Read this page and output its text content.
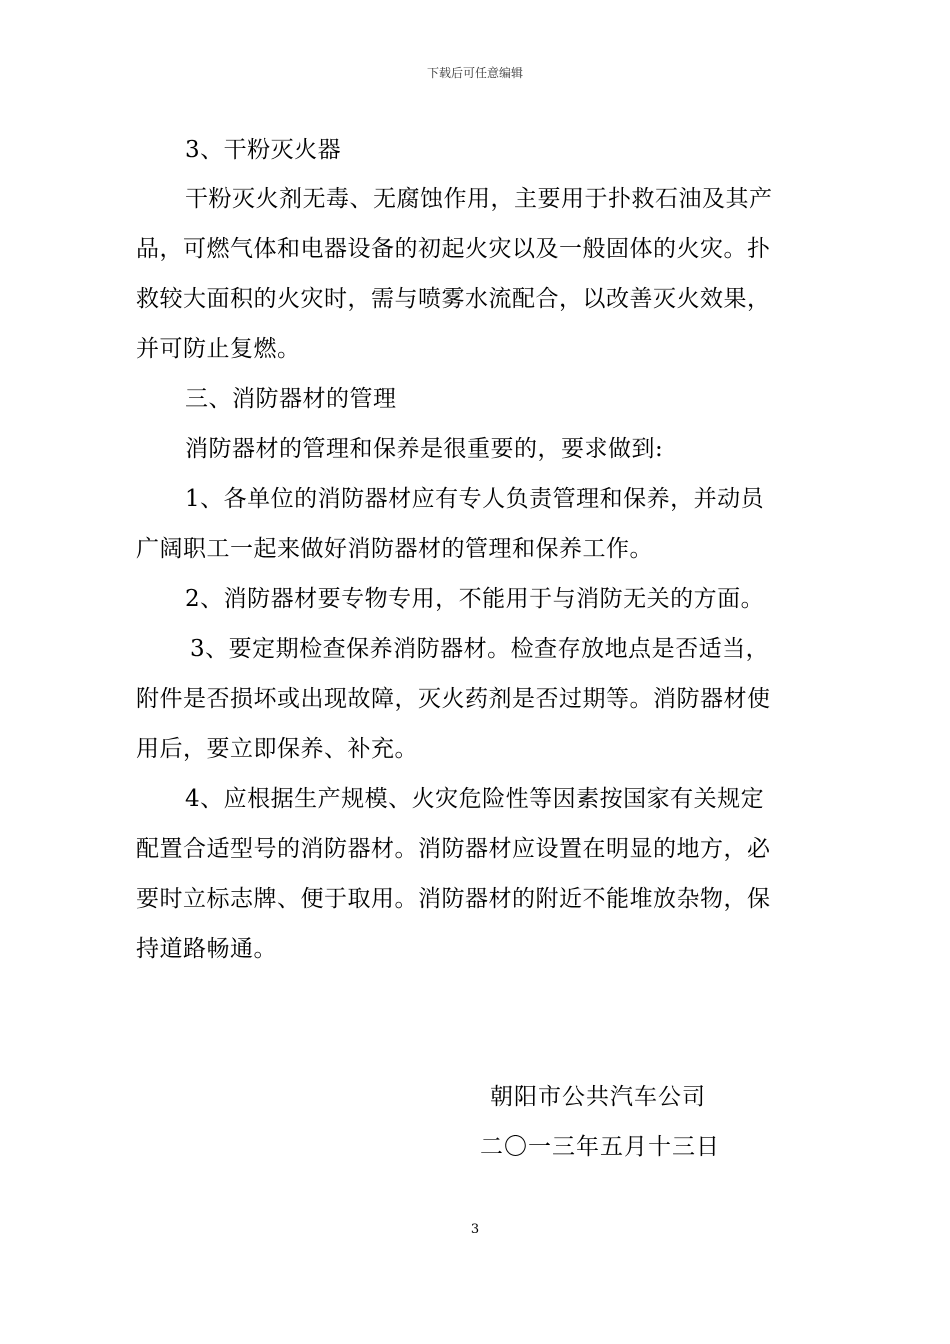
下载后可任意编辑
3、干粉灭火器
干粉灭火剂无毒、无腐蚀作用，主要用于扑救石油及其产
品，可燃气体和电器设备的初起火灾以及一般固体的火灾。扑
救较大面积的火灾时，需与喷雾水流配合，以改善灭火效果，
并可防止复燃。
三、消防器材的管理
消防器材的管理和保养是很重要的，要求做到:
1、各单位的消防器材应有专人负责管理和保养，并动员
广阔职工一起来做好消防器材的管理和保养工作。
2、消防器材要专物专用，不能用于与消防无关的方面。
3、要定期检查保养消防器材。检查存放地点是否适当，
附件是否损坏或出现故障，灭火药剂是否过期等。消防器材使
用后，要立即保养、补充。
4、应根据生产规模、火灾危险性等因素按国家有关规定
配置合适型号的消防器材。消防器材应设置在明显的地方，必
要时立标志牌、便于取用。消防器材的附近不能堆放杂物，保
持道路畅通。
朝阳市公共汽车公司
二〇一三年五月十三日
3
